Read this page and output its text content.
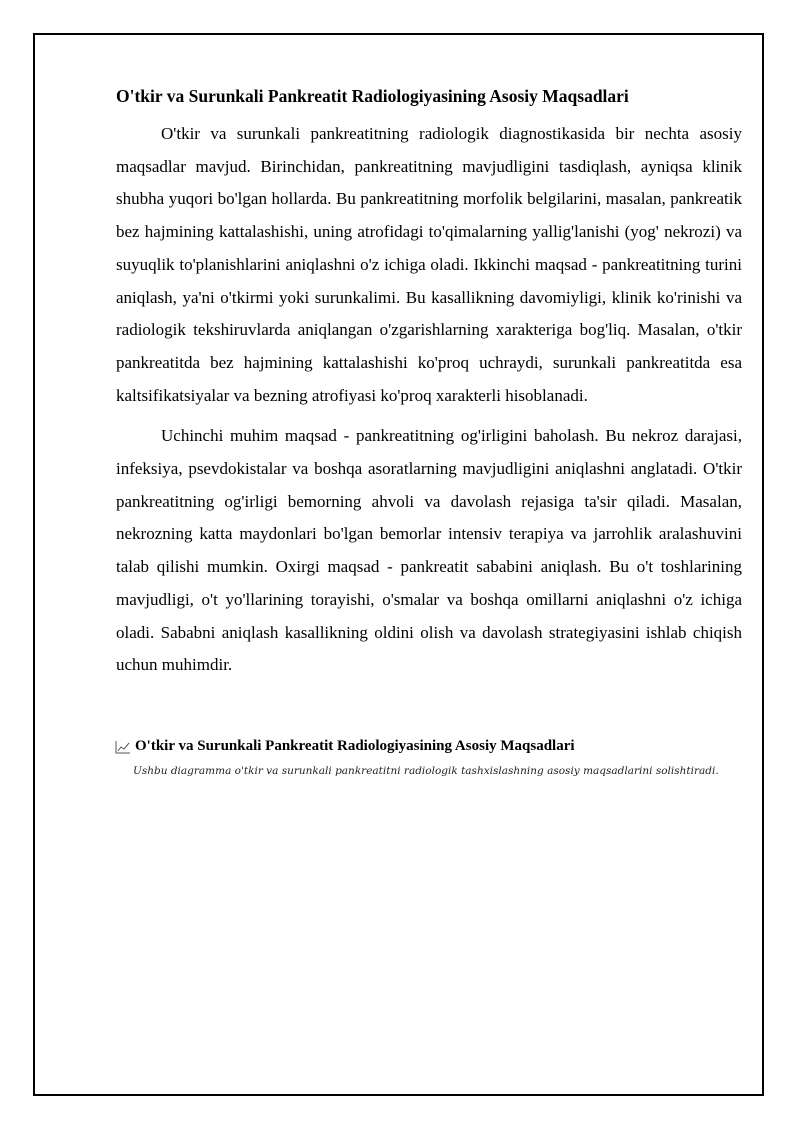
O'tkir va Surunkali Pankreatit Radiologiyasining Asosiy Maqsadlari

O'tkir va surunkali pankreatitning radiologik diagnostikasida bir nechta asosiy maqsadlar mavjud. Birinchidan, pankreatitning mavjudligini tasdiqlash, ayniqsa klinik shubha yuqori bo'lgan hollarda. Bu pankreatitning morfolik belgilarini, masalan, pankreatik bez hajmining kattalashishi, uning atrofidagi to'qimalarning yallig'lanishi (yog' nekrozi) va suyuqlik to'planishlarini aniqlashni o'z ichiga oladi. Ikkinchi maqsad - pankreatitning turini aniqlash, ya'ni o'tkirmi yoki surunkalimi. Bu kasallikning davomiyligi, klinik ko'rinishi va radiologik tekshiruvlarda aniqlangan o'zgarishlarning xarakteriga bog'liq. Masalan, o'tkir pankreatitda bez hajmining kattalashishi ko'proq uchraydi, surunkali pankreatitda esa kaltsifikatsiyalar va bezning atrofiyasi ko'proq xarakterli hisoblanadi.

Uchinchi muhim maqsad - pankreatitning og'irligini baholash. Bu nekroz darajasi, infeksiya, psevdokistalar va boshqa asoratlarning mavjudligini aniqlashni anglatadi. O'tkir pankreatitning og'irligi bemorning ahvoli va davolash rejasiga ta'sir qiladi. Masalan, nekrozning katta maydonlari bo'lgan bemorlar intensiv terapiya va jarrohlik aralashuvini talab qilishi mumkin. Oxirgi maqsad - pankreatit sababini aniqlash. Bu o't toshlarining mavjudligi, o't yo'llarining torayishi, o'smalar va boshqa omillarni aniqlashni o'z ichiga oladi. Sababni aniqlash kasallikning oldini olish va davolash strategiyasini ishlab chiqish uchun muhimdir.

O'tkir va Surunkali Pankreatit Radiologiyasining Asosiy Maqsadlari
Ushbu diagramma o'tkir va surunkali pankreatitni radiologik tashxislashning asosiy maqsadlarini solishtiradi.
